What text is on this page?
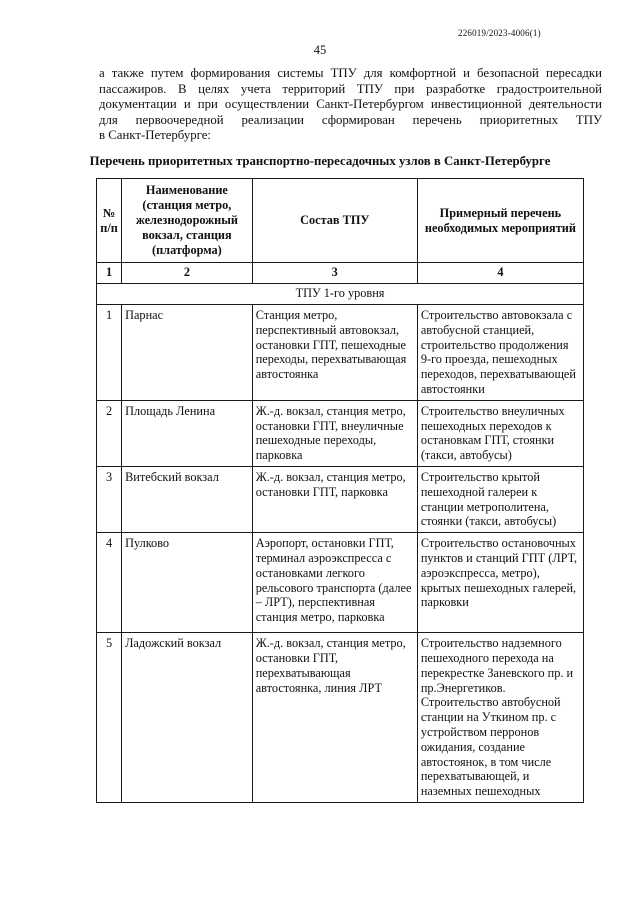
226019/2023-4006(1)
45

а также путем формирования системы ТПУ для комфортной и безопасной пересадки
пассажиров. В целях учета территорий ТПУ при разработке градостроительной
документации и при осуществлении Санкт-Петербургом инвестиционной деятельности
для первоочередной реализации сформирован перечень приоритетных ТПУ
в Санкт-Петербурге:

Перечень приоритетных транспортно-пересадочных узлов в Санкт-Петербурге
№ п/п	Наименование (станция метро, железнодорожный вокзал, станция (платформа)	Состав ТПУ	Примерный перечень необходимых мероприятий
1	2	3	4
ТПУ 1-го уровня			
1	Парнас	Станция метро, перспективный автовокзал, остановки ГПТ, пешеходные переходы, перехватывающая автостоянка	Строительство автовокзала с автобусной станцией, строительство продолжения 9-го проезда, пешеходных переходов, перехватывающей автостоянки
2	Площадь Ленина	Ж.-д. вокзал, станция метро, остановки ГПТ, внеуличные пешеходные переходы, парковка	Строительство внеуличных пешеходных переходов к остановкам ГПТ, стоянки (такси, автобусы)
3	Витебский вокзал	Ж.-д. вокзал, станция метро, остановки ГПТ, парковка	Строительство крытой пешеходной галереи к станции метрополитена, стоянки (такси, автобусы)
4	Пулково	Аэропорт, остановки ГПТ, терминал аэроэкспресса с остановками легкого рельсового транспорта (далее – ЛРТ), перспективная станция метро, парковка	Строительство остановочных пунктов и станций ГПТ (ЛРТ, аэроэкспресса, метро), крытых пешеходных галерей, парковки
5	Ладожский вокзал	Ж.-д. вокзал, станция метро, остановки ГПТ, перехватывающая автостоянка, линия ЛРТ	Строительство надземного пешеходного перехода на перекрестке Заневского пр. и пр.Энергетиков. Строительство автобусной станции на Уткином пр. с устройством перронов ожидания, создание автостоянок, в том числе перехватывающей, и наземных пешеходных
